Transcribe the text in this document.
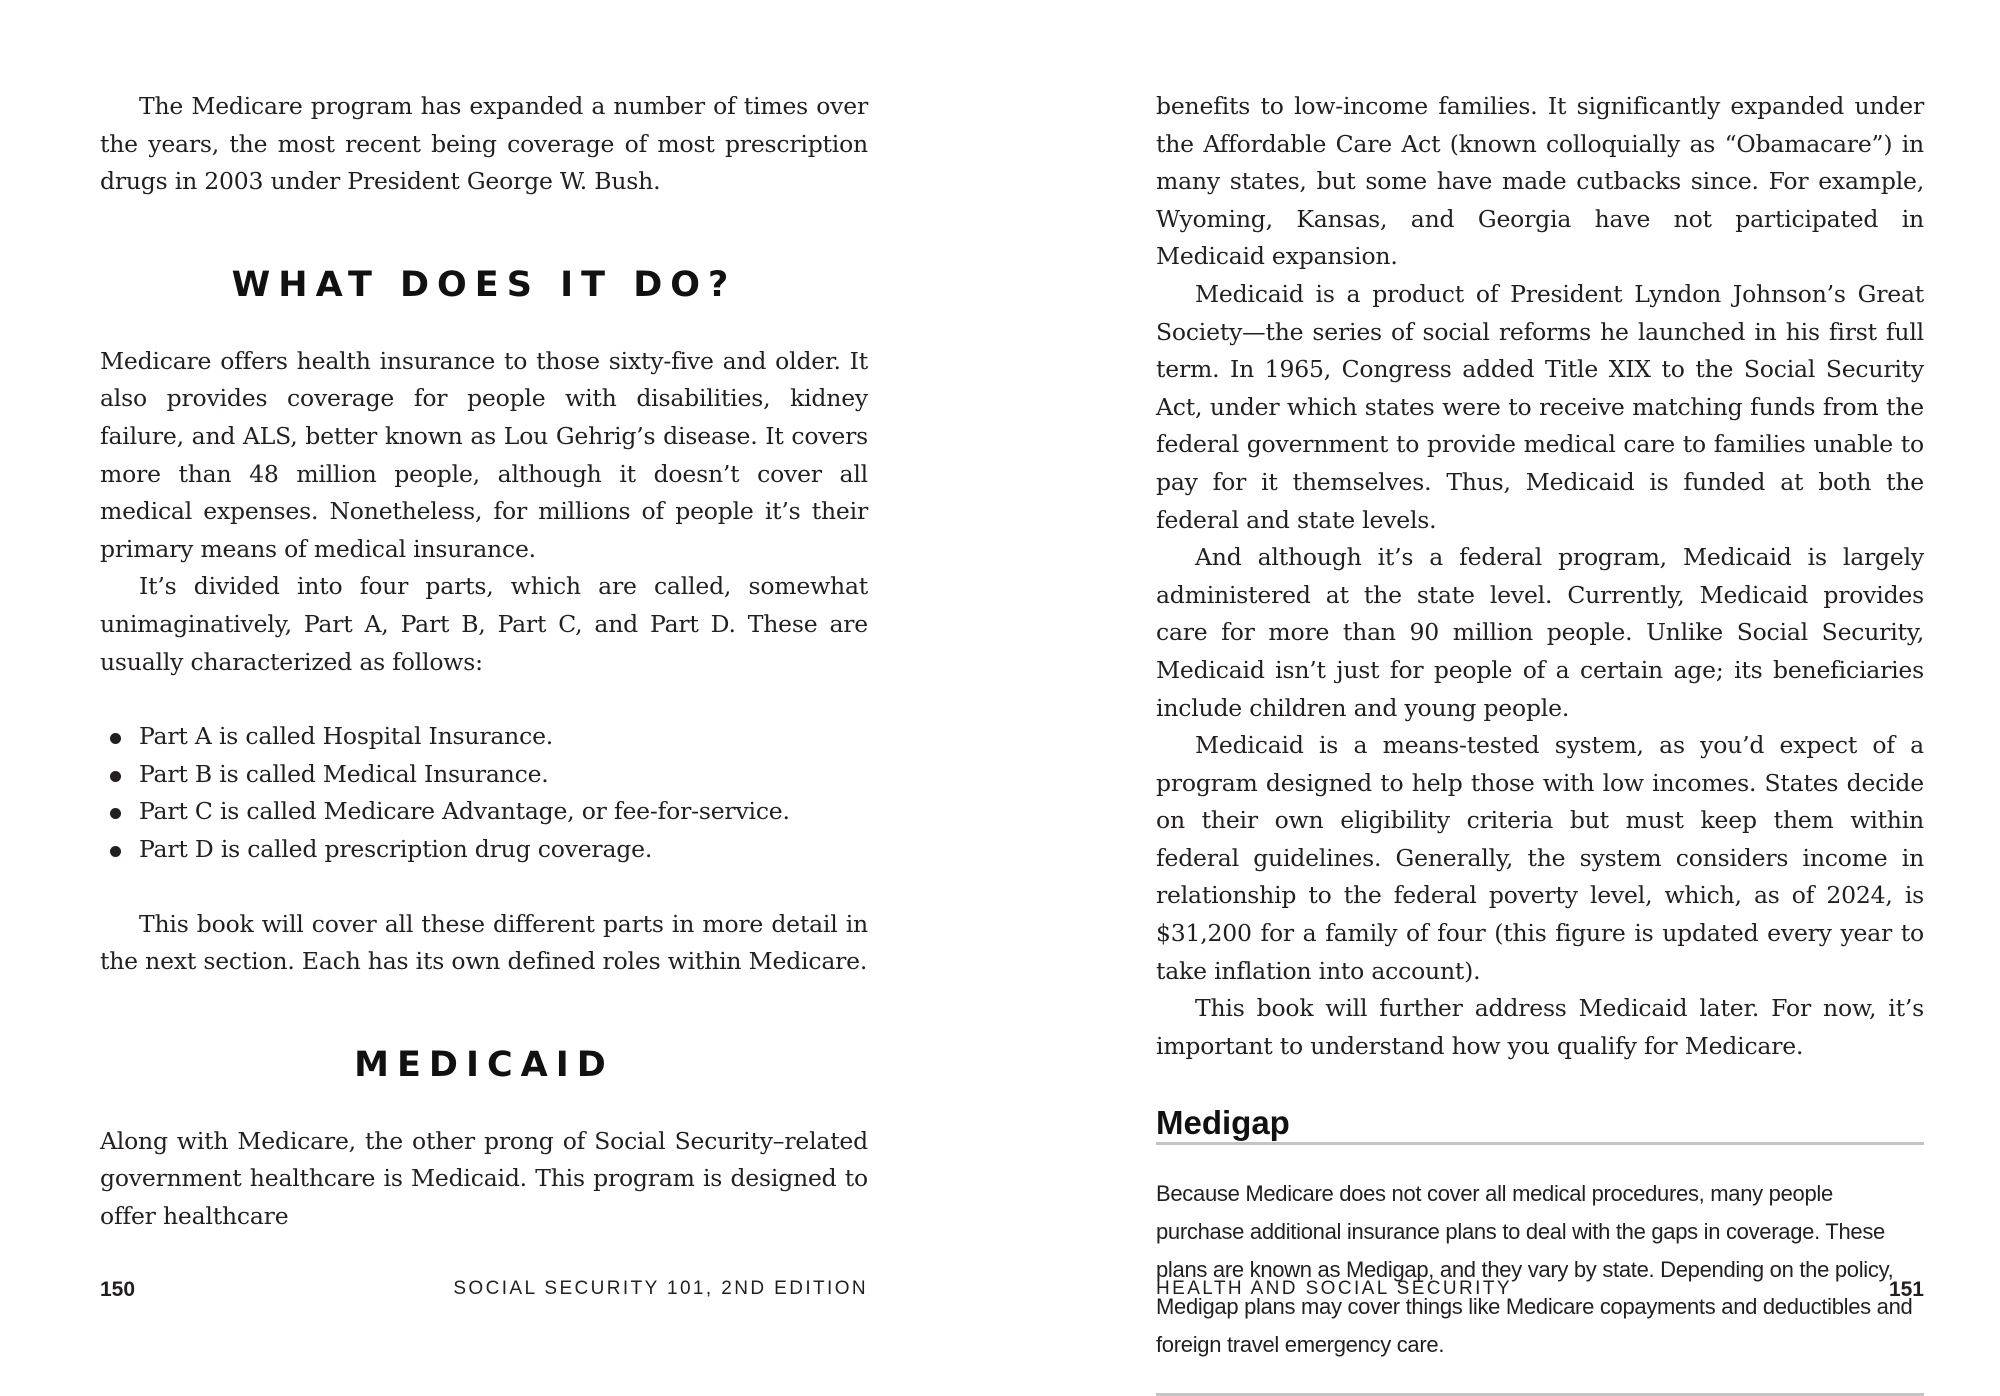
The Medicare program has expanded a number of times over the years, the most recent being coverage of most prescription drugs in 2003 under President George W. Bush.

WHAT DOES IT DO?

Medicare offers health insurance to those sixty-five and older. It also provides coverage for people with disabilities, kidney failure, and ALS, better known as Lou Gehrig’s disease. It covers more than 48 million people, although it doesn’t cover all medical expenses. Nonetheless, for millions of people it’s their primary means of medical insurance.

It’s divided into four parts, which are called, somewhat unimaginatively, Part A, Part B, Part C, and Part D. These are usually characterized as follows:

Part A is called Hospital Insurance.
Part B is called Medical Insurance.
Part C is called Medicare Advantage, or fee-for-service.
Part D is called prescription drug coverage.

This book will cover all these different parts in more detail in the next section. Each has its own defined roles within Medicare.

MEDICAID

Along with Medicare, the other prong of Social Security–related government healthcare is Medicaid. This program is designed to offer healthcare

150	SOCIAL SECURITY 101, 2ND EDITION

benefits to low-income families. It significantly expanded under the Affordable Care Act (known colloquially as “Obamacare”) in many states, but some have made cutbacks since. For example, Wyoming, Kansas, and Georgia have not participated in Medicaid expansion.

Medicaid is a product of President Lyndon Johnson’s Great Society—the series of social reforms he launched in his first full term. In 1965, Congress added Title XIX to the Social Security Act, under which states were to receive matching funds from the federal government to provide medical care to families unable to pay for it themselves. Thus, Medicaid is funded at both the federal and state levels.

And although it’s a federal program, Medicaid is largely administered at the state level. Currently, Medicaid provides care for more than 90 million people. Unlike Social Security, Medicaid isn’t just for people of a certain age; its beneficiaries include children and young people.

Medicaid is a means-tested system, as you’d expect of a program designed to help those with low incomes. States decide on their own eligibility criteria but must keep them within federal guidelines. Generally, the system considers income in relationship to the federal poverty level, which, as of 2024, is $31,200 for a family of four (this figure is updated every year to take inflation into account).

This book will further address Medicaid later. For now, it’s important to understand how you qualify for Medicare.

Medigap

Because Medicare does not cover all medical procedures, many people purchase additional insurance plans to deal with the gaps in coverage. These plans are known as Medigap, and they vary by state. Depending on the policy, Medigap plans may cover things like Medicare copayments and deductibles and foreign travel emergency care.

HEALTH AND SOCIAL SECURITY	151
